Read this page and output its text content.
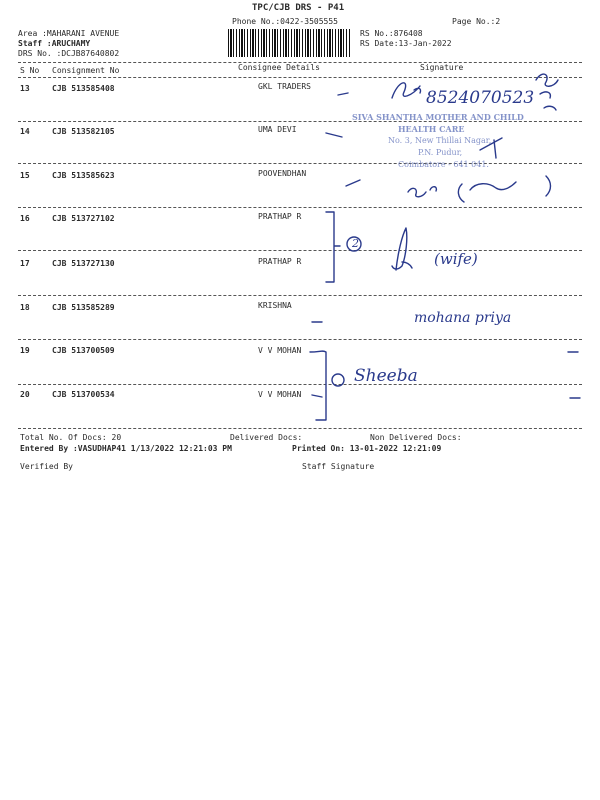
TPC/CJB DRS - P41
Phone No.:0422-3505555	Page No.:2
Area :MAHARANI AVENUE
Staff :ARUCHAMY
DRS No. :DCJB87640802
RS No.:876408
RS Date:13-Jan-2022
S No Consignment No	Consignee Details	Signature
13	CJB 513585408	GKL TRADERS
14	CJB 513582105	UMA DEVI
15	CJB 513585623	POOVENDHAN
16	CJB 513727102	PRATHAP R
17	CJB 513727130	PRATHAP R
18	CJB 513585289	KRISHNA
19	CJB 513700509	V V MOHAN
20	CJB 513700534	V V MOHAN
Total No. Of Docs: 20	Delivered Docs:	Non Delivered Docs:
Entered By :VASUDHAP41 1/13/2022 12:21:03 PM	Printed On: 13-01-2022 12:21:09
Verified By	Staff Signature
SIVA SHANTHA MOTHER AND CHILD
HEALTH CARE
No. 3, New Thillai Nagar,
P.N. Pudur,
Coimbatore - 641 041.
8524070523
(wife)
2
mohana priya
Sheeba
